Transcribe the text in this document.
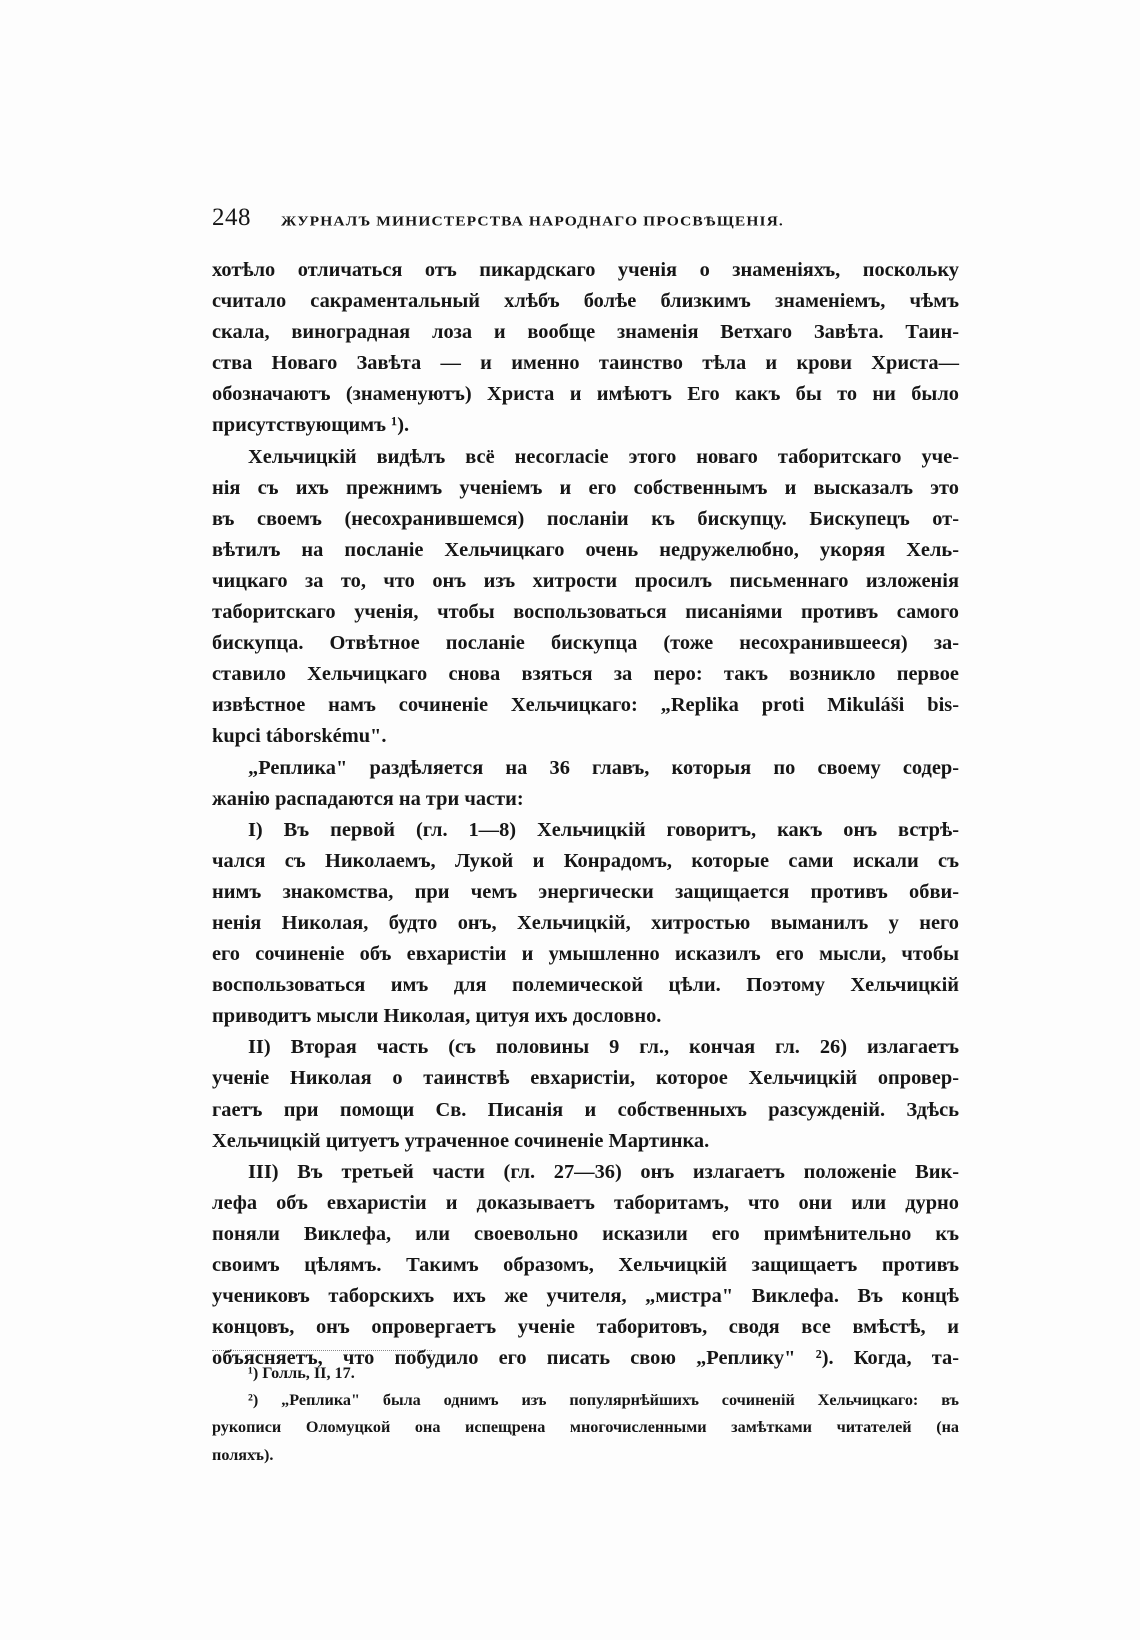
248 ЖУРНАЛЪ МИНИСТЕРСТВА НАРОДНАГО ПРОСВѢЩЕНІЯ.
хотѣло отличаться отъ пикардскаго ученія о знаменіяхъ, поскольку
считало сакраментальный хлѣбъ болѣе близкимъ знаменіемъ, чѣмъ
скала, виноградная лоза и вообще знаменія Ветхаго Завѣта. Таин-
ства Новаго Завѣта — и именно таинство тѣла и крови Христа—
обозначаютъ (знаменуютъ) Христа и имѣютъ Его какъ бы то ни было
присутствующимъ ¹).
Хельчицкій видѣлъ всё несогласіе этого новаго таборитскаго уче-
нія съ ихъ прежнимъ ученіемъ и его собственнымъ и высказалъ это
въ своемъ (несохранившемся) посланіи къ бискупцу. Бискупецъ от-
вѣтилъ на посланіе Хельчицкаго очень недружелюбно, укоряя Хель-
чицкаго за то, что онъ изъ хитрости просилъ письменнаго изложенія
таборитскаго ученія, чтобы воспользоваться писаніями противъ самого
бискупца. Отвѣтное посланіе бискупца (тоже несохранившееся) за-
ставило Хельчицкаго снова взяться за перо: такъ возникло первое
извѣстное намъ сочиненіе Хельчицкаго: „Replika proti Mikuláši bis-
kupci táborskému".
„Реплика" раздѣляется на 36 главъ, которыя по своему содер-
жанію распадаются на три части:
I) Въ первой (гл. 1—8) Хельчицкій говоритъ, какъ онъ встрѣ-
чался съ Николаемъ, Лукой и Конрадомъ, которые сами искали съ
нимъ знакомства, при чемъ энергически защищается противъ обви-
ненія Николая, будто онъ, Хельчицкій, хитростью выманилъ у него
его сочиненіе объ евхаристіи и умышленно исказилъ его мысли, чтобы
воспользоваться имъ для полемической цѣли. Поэтому Хельчицкій
приводитъ мысли Николая, цитуя ихъ дословно.
II) Вторая часть (съ половины 9 гл., кончая гл. 26) излагаетъ
ученіе Николая о таинствѣ евхаристіи, которое Хельчицкій опровер-
гаетъ при помощи Св. Писанія и собственныхъ разсужденій. Здѣсь
Хельчицкій цитуетъ утраченное сочиненіе Мартинка.
III) Въ третьей части (гл. 27—36) онъ излагаетъ положеніе Вик-
лефа объ евхаристіи и доказываетъ таборитамъ, что они или дурно
поняли Виклефа, или своевольно исказили его примѣнительно къ
своимъ цѣлямъ. Такимъ образомъ, Хельчицкій защищаетъ противъ
учениковъ таборскихъ ихъ же учителя, „мистра" Виклефа. Въ концѣ
концовъ, онъ опровергаетъ ученіе таборитовъ, сводя все вмѣстѣ, и
объясняетъ, что побудило его писать свою „Реплику" ²). Когда, та-
¹) Голль, II, 17.
²) „Реплика" была однимъ изъ популярнѣйшихъ сочиненій Хельчицкаго: въ
рукописи Оломуцкой она испещрена многочисленными замѣтками читателей (на
поляхъ).
